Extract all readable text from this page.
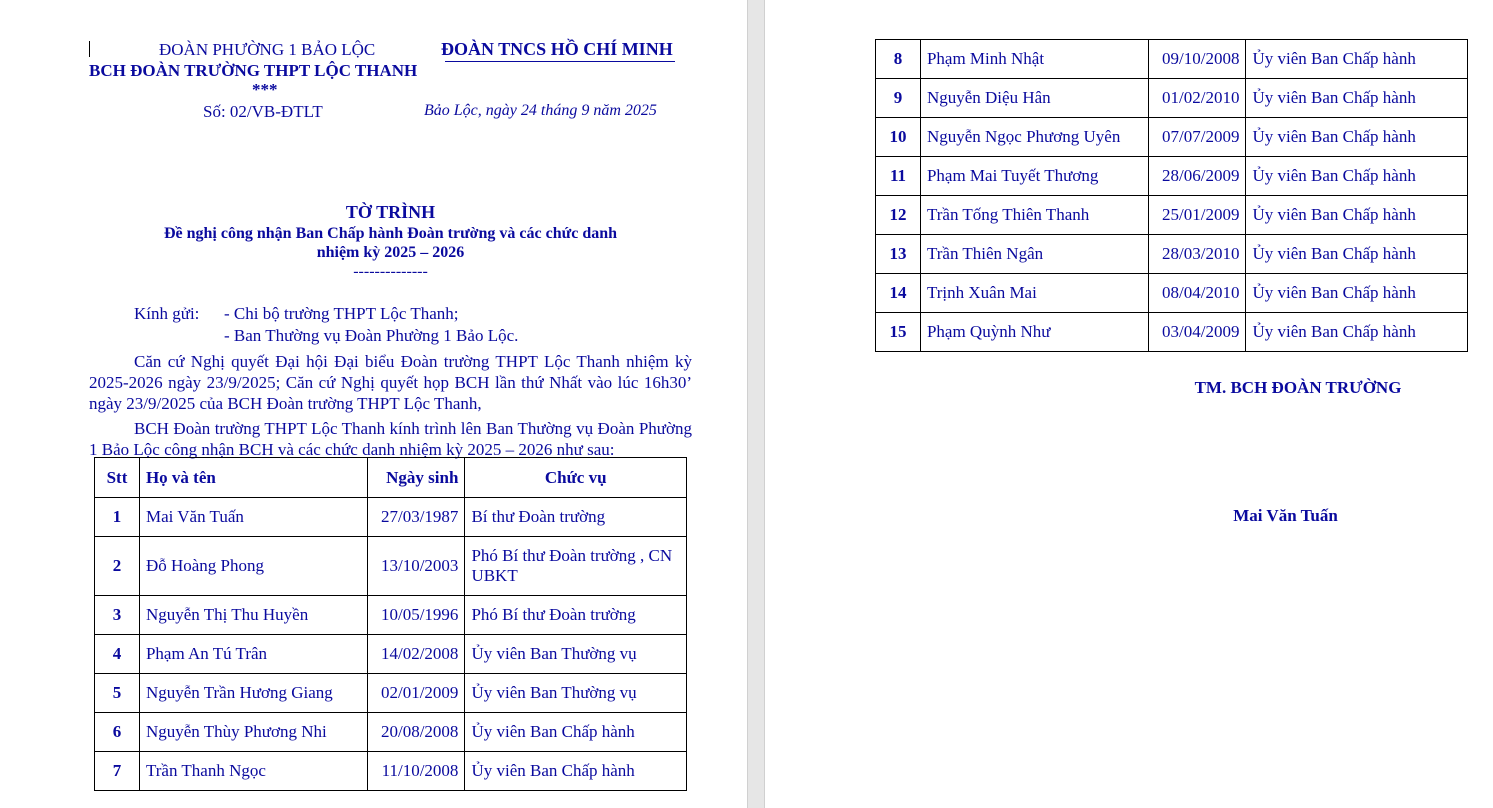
ĐOÀN PHƯỜNG 1 BẢO LỘC
BCH ĐOÀN TRƯỜNG THPT LỘC THANH
***
Số: 02/VB-ĐTLT
ĐOÀN TNCS HỒ CHÍ MINH
Bảo Lộc, ngày 24 tháng 9 năm 2025
TỜ TRÌNH
Đề nghị công nhận Ban Chấp hành Đoàn trường và các chức danh
nhiệm kỳ 2025 – 2026
--------------
Kính gửi: - Chi bộ trường THPT Lộc Thanh;
- Ban Thường vụ Đoàn Phường 1 Bảo Lộc.
Căn cứ Nghị quyết Đại hội Đại biểu Đoàn trường THPT Lộc Thanh nhiệm kỳ 2025-2026 ngày 23/9/2025; Căn cứ Nghị quyết họp BCH lần thứ Nhất vào lúc 16h30’ ngày 23/9/2025 của BCH Đoàn trường THPT Lộc Thanh,
BCH Đoàn trường THPT Lộc Thanh kính trình lên Ban Thường vụ Đoàn Phường 1 Bảo Lộc công nhận BCH và các chức danh nhiệm kỳ 2025 – 2026 như sau:
Stt	Họ và tên	Ngày sinh	Chức vụ
1	Mai Văn Tuấn	27/03/1987	Bí thư Đoàn trường
2	Đỗ Hoàng Phong	13/10/2003	Phó Bí thư Đoàn trường , CN UBKT
3	Nguyễn Thị Thu Huyền	10/05/1996	Phó Bí thư Đoàn trường
4	Phạm An Tú Trân	14/02/2008	Ủy viên Ban Thường vụ
5	Nguyễn Trần Hương Giang	02/01/2009	Ủy viên Ban Thường vụ
6	Nguyễn Thùy Phương Nhi	20/08/2008	Ủy viên Ban Chấp hành
7	Trần Thanh Ngọc	11/10/2008	Ủy viên Ban Chấp hành
8	Phạm Minh Nhật	09/10/2008	Ủy viên Ban Chấp hành
9	Nguyễn Diệu Hân	01/02/2010	Ủy viên Ban Chấp hành
10	Nguyễn Ngọc Phương Uyên	07/07/2009	Ủy viên Ban Chấp hành
11	Phạm Mai Tuyết Thương	28/06/2009	Ủy viên Ban Chấp hành
12	Trần Tống Thiên Thanh	25/01/2009	Ủy viên Ban Chấp hành
13	Trần Thiên Ngân	28/03/2010	Ủy viên Ban Chấp hành
14	Trịnh Xuân Mai	08/04/2010	Ủy viên Ban Chấp hành
15	Phạm Quỳnh Như	03/04/2009	Ủy viên Ban Chấp hành
TM. BCH ĐOÀN TRƯỜNG
Mai Văn Tuấn
